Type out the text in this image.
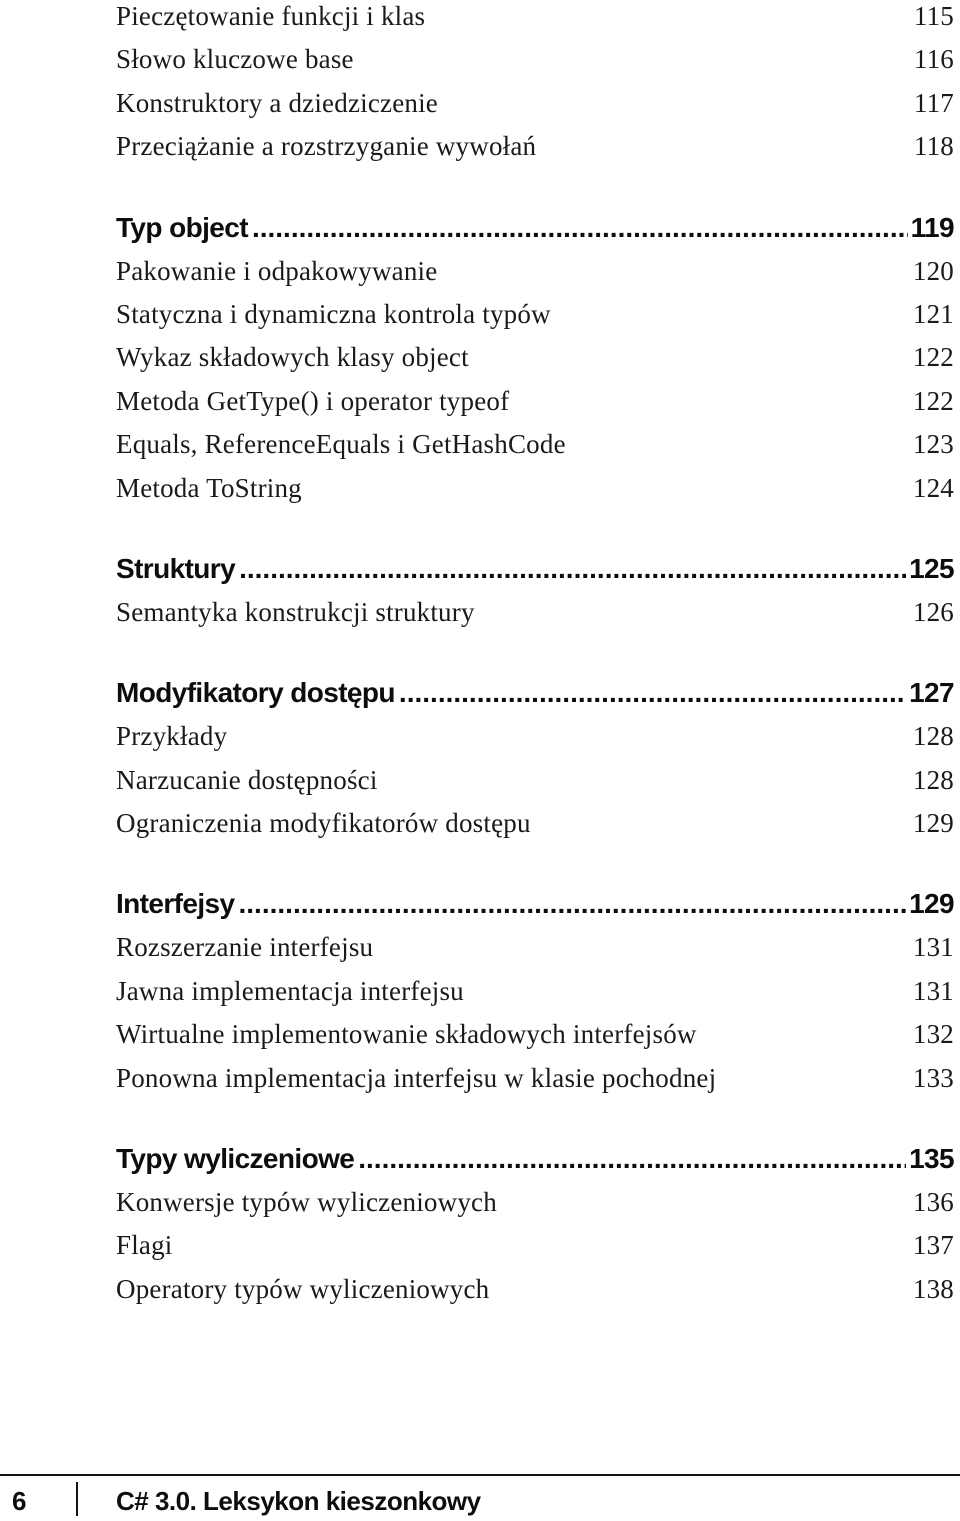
Pieczętowanie funkcji i klas	115
Słowo kluczowe base	116
Konstruktory a dziedziczenie	117
Przeciążanie a rozstrzyganie wywołań	118
Typ object .....	119
Pakowanie i odpakowywanie	120
Statyczna i dynamiczna kontrola typów	121
Wykaz składowych klasy object	122
Metoda GetType() i operator typeof	122
Equals, ReferenceEquals i GetHashCode	123
Metoda ToString	124
Struktury .....	125
Semantyka konstrukcji struktury	126
Modyfikatory dostępu .....	127
Przykłady	128
Narzucanie dostępności	128
Ograniczenia modyfikatorów dostępu	129
Interfejsy .....	129
Rozszerzanie interfejsu	131
Jawna implementacja interfejsu	131
Wirtualne implementowanie składowych interfejsów	132
Ponowna implementacja interfejsu w klasie pochodnej	133
Typy wyliczeniowe .....	135
Konwersje typów wyliczeniowych	136
Flagi	137
Operatory typów wyliczeniowych	138
6	C# 3.0. Leksykon kieszonkowy
